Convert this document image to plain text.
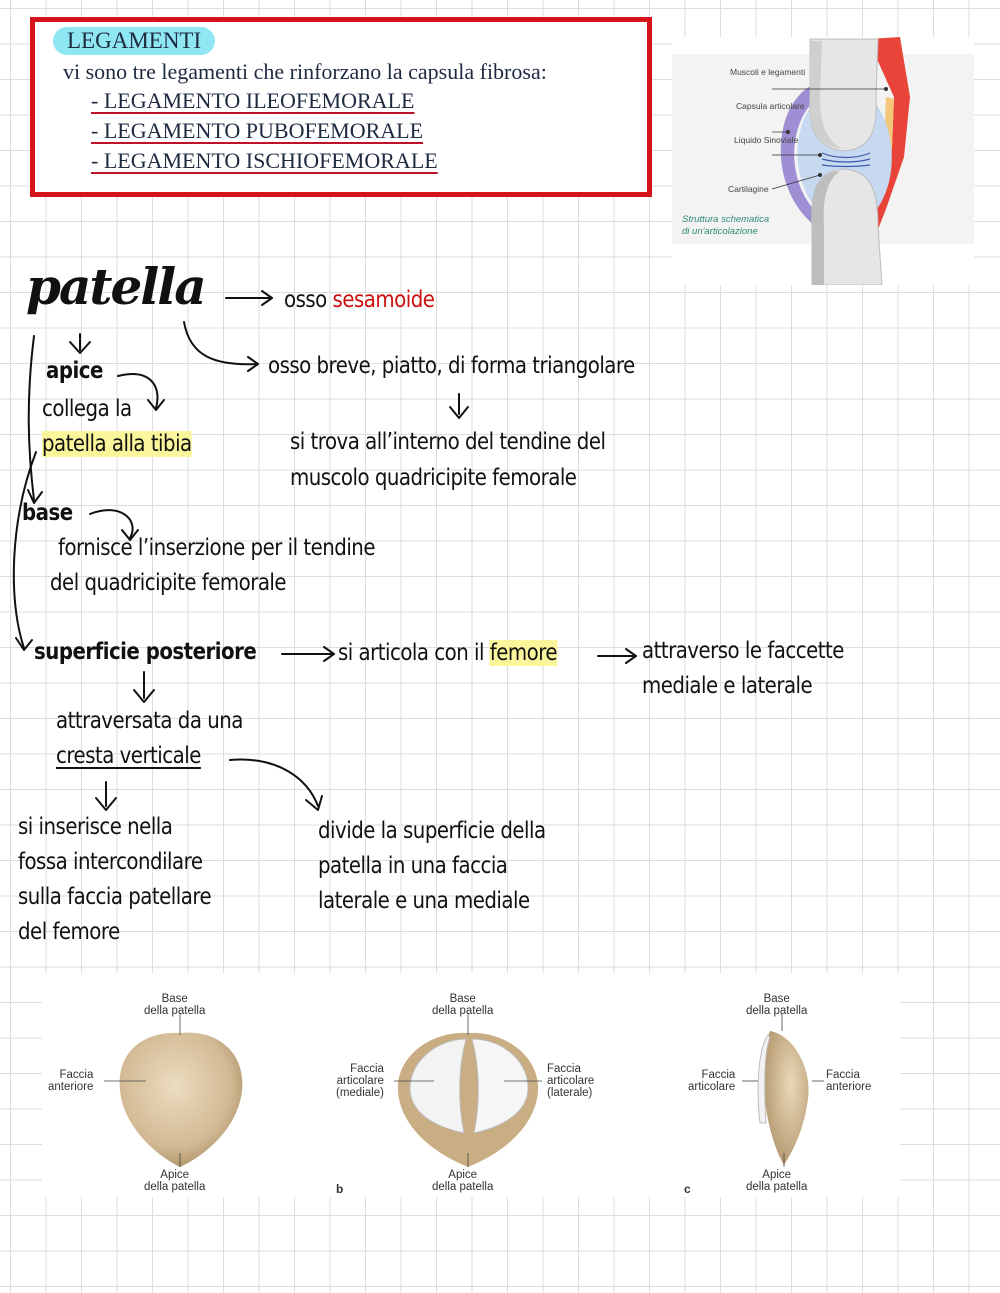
LEGAMENTI
vi sono tre legamenti che rinforzano la capsula fibrosa:
- LEGAMENTO ILEOFEMORALE
- LEGAMENTO PUBOFEMORALE
- LEGAMENTO ISCHIOFEMORALE
Muscoli e legamenti
Capsula articolare
Liquido Sinoviale
Cartilagine
Struttura schematica
di un'articolazione
patella	osso sesamoide
osso breve, piatto, di forma triangolare
apice
collega la
patella alla tibia	si trova all’interno del tendine del
muscolo quadricipite femorale
base
fornisce l’inserzione per il tendine
del quadricipite femorale
superficie posteriore	si articola con il femore	attraverso le faccette
mediale e laterale
attraversata da una
cresta verticale
si inserisce nella
fossa intercondilare
sulla faccia patellare
del femore
divide la superficie della
patella in una faccia
laterale e una mediale
Base
della patella
Faccia
anteriore
Apice
della patella
Base
della patella
Faccia
articolare
(mediale)
Faccia
articolare
(laterale)
Apice
della patella
b
Base
della patella
Faccia
articolare
Faccia
anteriore
Apice
della patella
c
